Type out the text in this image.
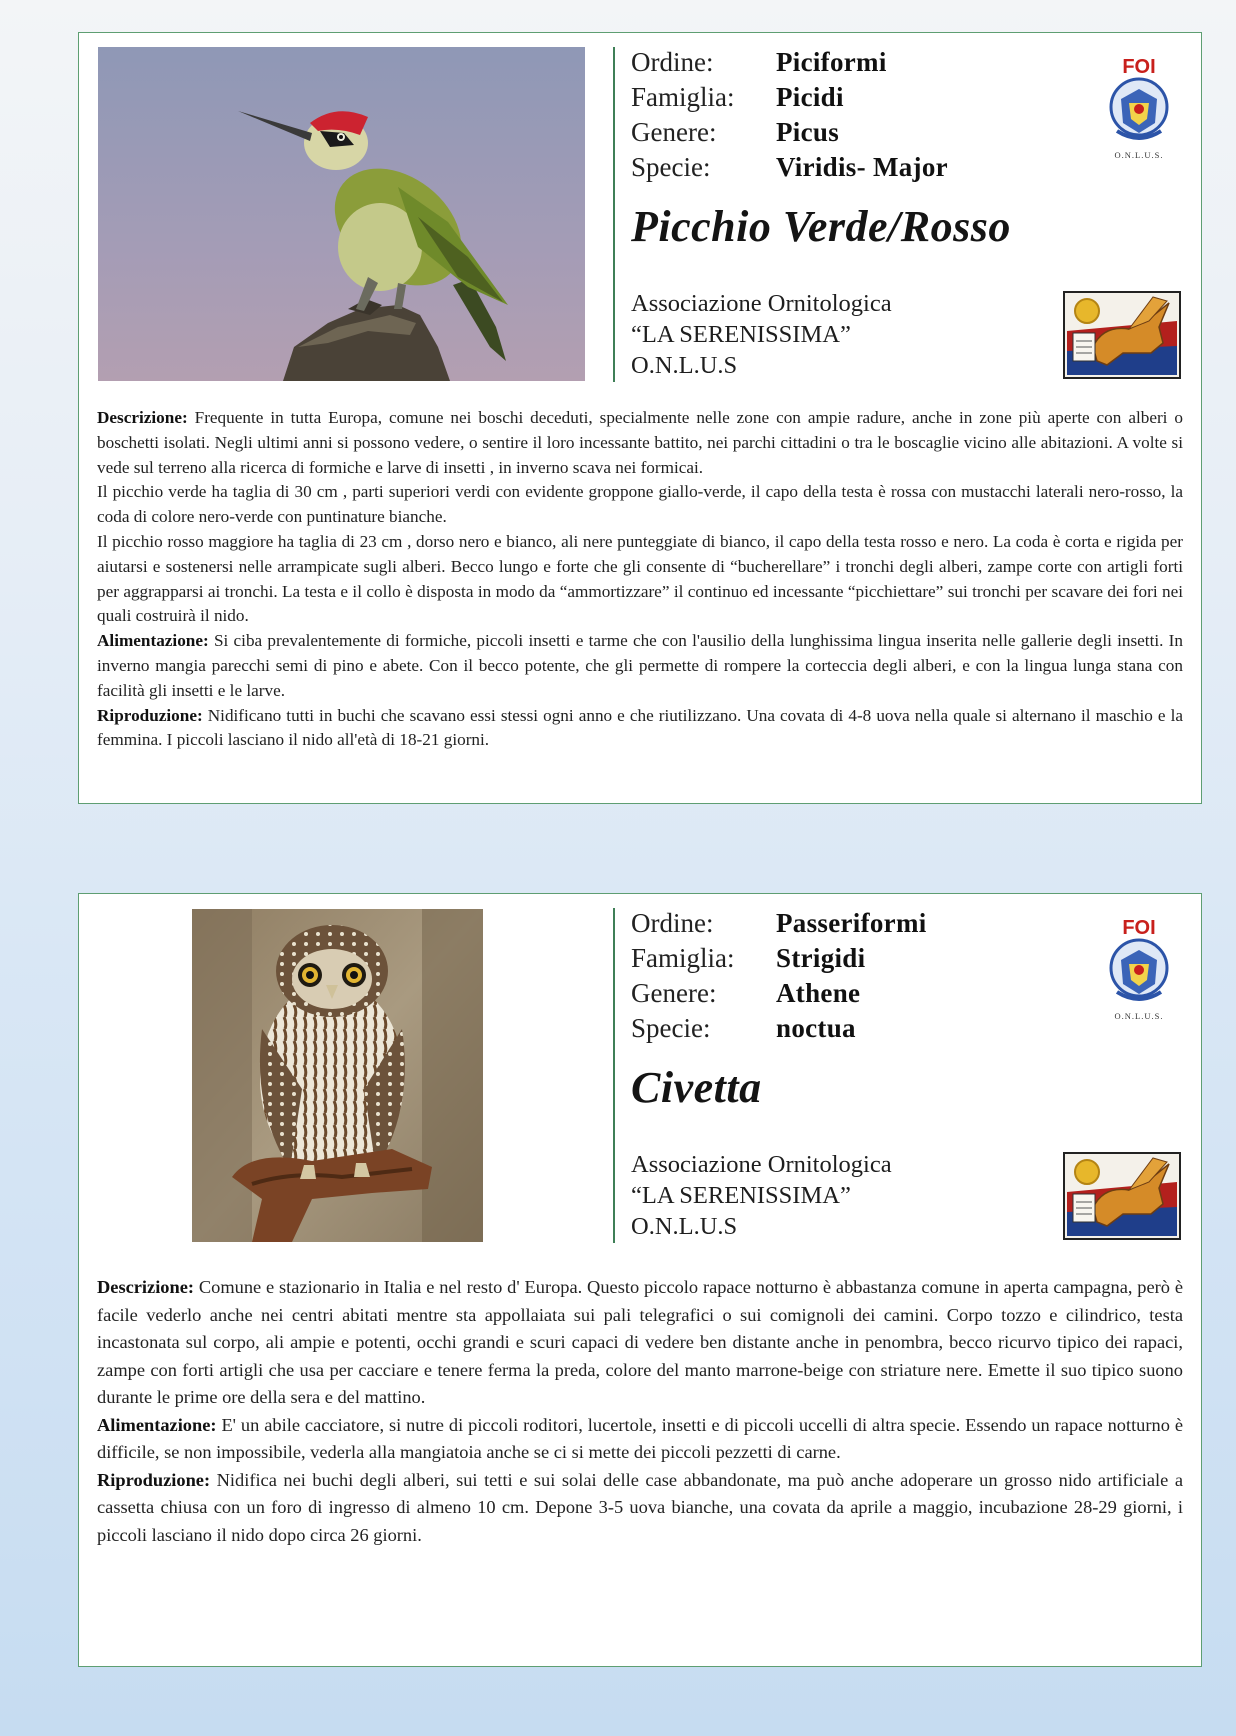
Ordine: Piciformi
Famiglia: Picidi
Genere: Picus
Specie: Viridis- Major
FOI
O.N.L.U.S.
Picchio Verde/Rosso
Associazione Ornitologica
“LA SERENISSIMA”
O.N.L.U.S

Descrizione: Frequente in tutta Europa, comune nei boschi deceduti, specialmente nelle zone con ampie radure, anche in zone più aperte con alberi o boschetti isolati. Negli ultimi anni si possono vedere, o sentire il loro incessante battito, nei parchi cittadini o tra le boscaglie vicino alle abitazioni. A volte si vede sul terreno alla ricerca di formiche e larve di insetti , in inverno scava nei formicai.

Il picchio verde ha taglia di 30 cm , parti superiori verdi con evidente groppone giallo-verde, il capo della testa è rossa con mustacchi laterali nero-rosso, la coda di colore nero-verde con puntinature bianche.

Il picchio rosso maggiore ha taglia di 23 cm , dorso nero e bianco, ali nere punteggiate di bianco, il capo della testa rosso e nero. La coda è corta e rigida per aiutarsi e sostenersi nelle arrampicate sugli alberi. Becco lungo e forte che gli consente di “bucherellare” i tronchi degli alberi, zampe corte con artigli forti per aggrapparsi ai tronchi. La testa e il collo è disposta in modo da “ammortizzare” il continuo ed incessante “picchiettare” sui tronchi per scavare dei fori nei quali costruirà il nido.

Alimentazione: Si ciba prevalentemente di formiche, piccoli insetti e tarme che con l'ausilio della lunghissima lingua inserita nelle gallerie degli insetti. In inverno mangia parecchi semi di pino e abete. Con il becco potente, che gli permette di rompere la corteccia degli alberi, e con la lingua lunga stana con facilità gli insetti e le larve.

Riproduzione: Nidificano tutti in buchi che scavano essi stessi ogni anno e che riutilizzano. Una covata di 4-8 uova nella quale si alternano il maschio e la femmina. I piccoli lasciano il nido all'età di 18-21 giorni.

Ordine: Passeriformi
Famiglia: Strigidi
Genere: Athene
Specie: noctua
FOI
O.N.L.U.S.
Civetta
Associazione Ornitologica
“LA SERENISSIMA”
O.N.L.U.S

Descrizione: Comune e stazionario in Italia e nel resto d' Europa. Questo piccolo rapace notturno è abbastanza comune in aperta campagna, però è facile vederlo anche nei centri abitati mentre sta appollaiata sui pali telegrafici o sui comignoli dei camini. Corpo tozzo e cilindrico, testa incastonata sul corpo, ali ampie e potenti, occhi grandi e scuri capaci di vedere ben distante anche in penombra, becco ricurvo tipico dei rapaci, zampe con forti artigli che usa per cacciare e tenere ferma la preda, colore del manto marrone-beige con striature nere. Emette il suo tipico suono durante le prime ore della sera e del mattino.

Alimentazione: E' un abile cacciatore, si nutre di piccoli roditori, lucertole, insetti e di piccoli uccelli di altra specie. Essendo un rapace notturno è difficile, se non impossibile, vederla alla mangiatoia anche se ci si mette dei piccoli pezzetti di carne.

Riproduzione: Nidifica nei buchi degli alberi, sui tetti e sui solai delle case abbandonate, ma può anche adoperare un grosso nido artificiale a cassetta chiusa con un foro di ingresso di almeno 10 cm. Depone 3-5 uova bianche, una covata da aprile a maggio, incubazione 28-29 giorni, i piccoli lasciano il nido dopo circa 26 giorni.
